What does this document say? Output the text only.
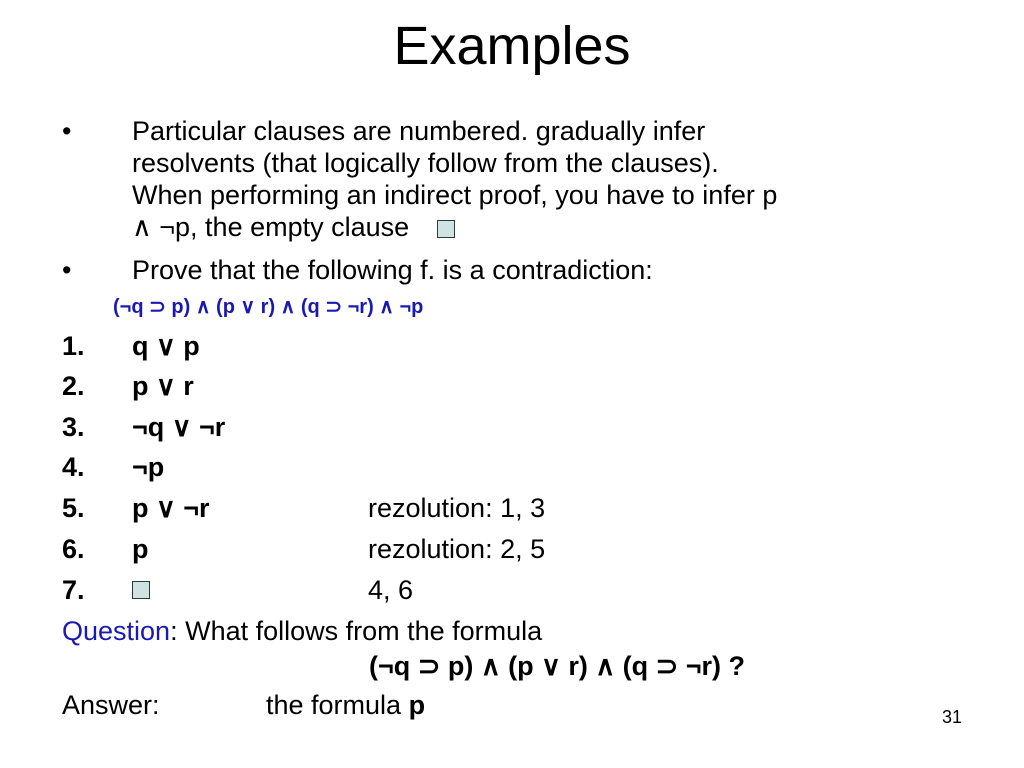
Examples
• Particular clauses are numbered. gradually infer
resolvents (that logically follow from the clauses).
When performing an indirect proof, you have to infer p
∧ ¬p, the empty clause
• Prove that the following f. is a contradiction:
(¬q ⊃ p) ∧ (p ∨ r) ∧ (q ⊃ ¬r) ∧ ¬p
1. q ∨ p
2. p ∨ r
3. ¬q ∨ ¬r
4. ¬p
5. p ∨ ¬r	rezolution: 1, 3
6. p	rezolution: 2, 5
7.	4, 6
Question: What follows from the formula
(¬q ⊃ p) ∧ (p ∨ r) ∧ (q ⊃ ¬r) ?
Answer:	the formula p	31
